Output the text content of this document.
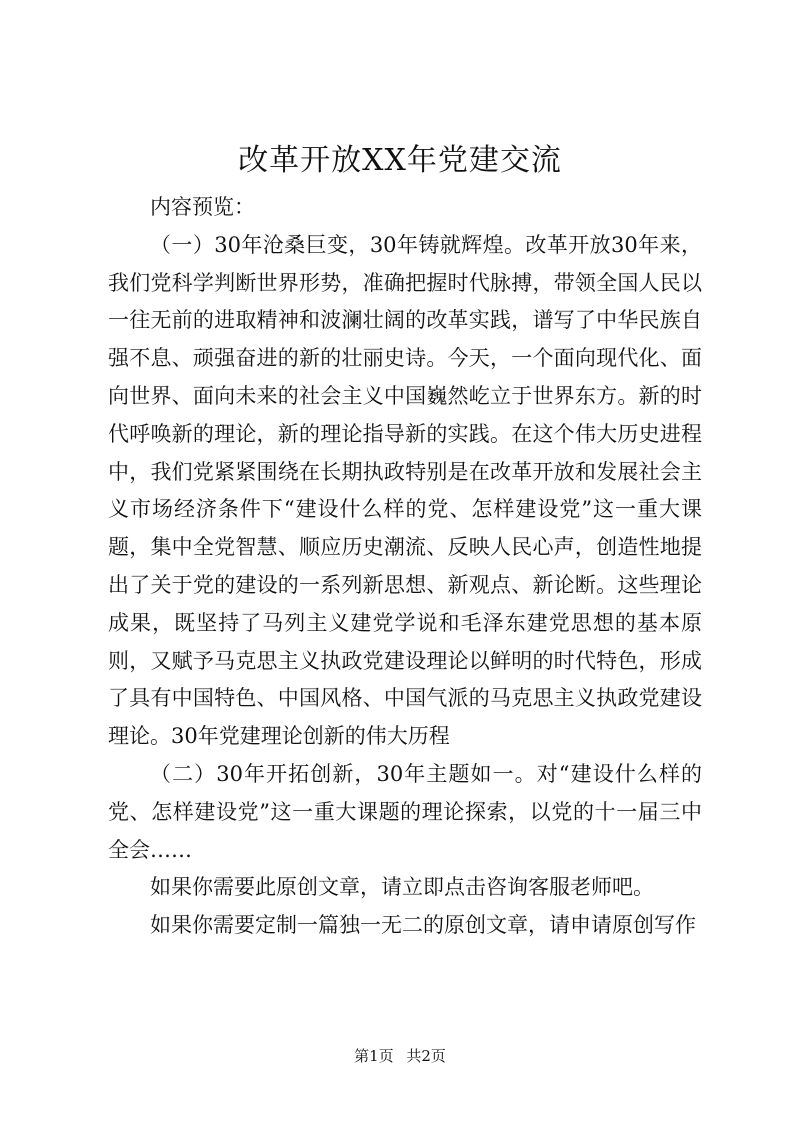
改革开放XX年党建交流

内容预览：

（一）30年沧桑巨变，30年铸就辉煌。改革开放30年来，我们党科学判断世界形势，准确把握时代脉搏，带领全国人民以一往无前的进取精神和波澜壮阔的改革实践，谱写了中华民族自强不息、顽强奋进的新的壮丽史诗。今天，一个面向现代化、面向世界、面向未来的社会主义中国巍然屹立于世界东方。新的时代呼唤新的理论，新的理论指导新的实践。在这个伟大历史进程中，我们党紧紧围绕在长期执政特别是在改革开放和发展社会主义市场经济条件下“建设什么样的党、怎样建设党”这一重大课题，集中全党智慧、顺应历史潮流、反映人民心声，创造性地提出了关于党的建设的一系列新思想、新观点、新论断。这些理论成果，既坚持了马列主义建党学说和毛泽东建党思想的基本原则，又赋予马克思主义执政党建设理论以鲜明的时代特色，形成了具有中国特色、中国风格、中国气派的马克思主义执政党建设理论。30年党建理论创新的伟大历程

（二）30年开拓创新，30年主题如一。对“建设什么样的党、怎样建设党”这一重大课题的理论探索，以党的十一届三中全会……

如果你需要此原创文章，请立即点击咨询客服老师吧。

如果你需要定制一篇独一无二的原创文章，请申请原创写作

第1页 共2页
